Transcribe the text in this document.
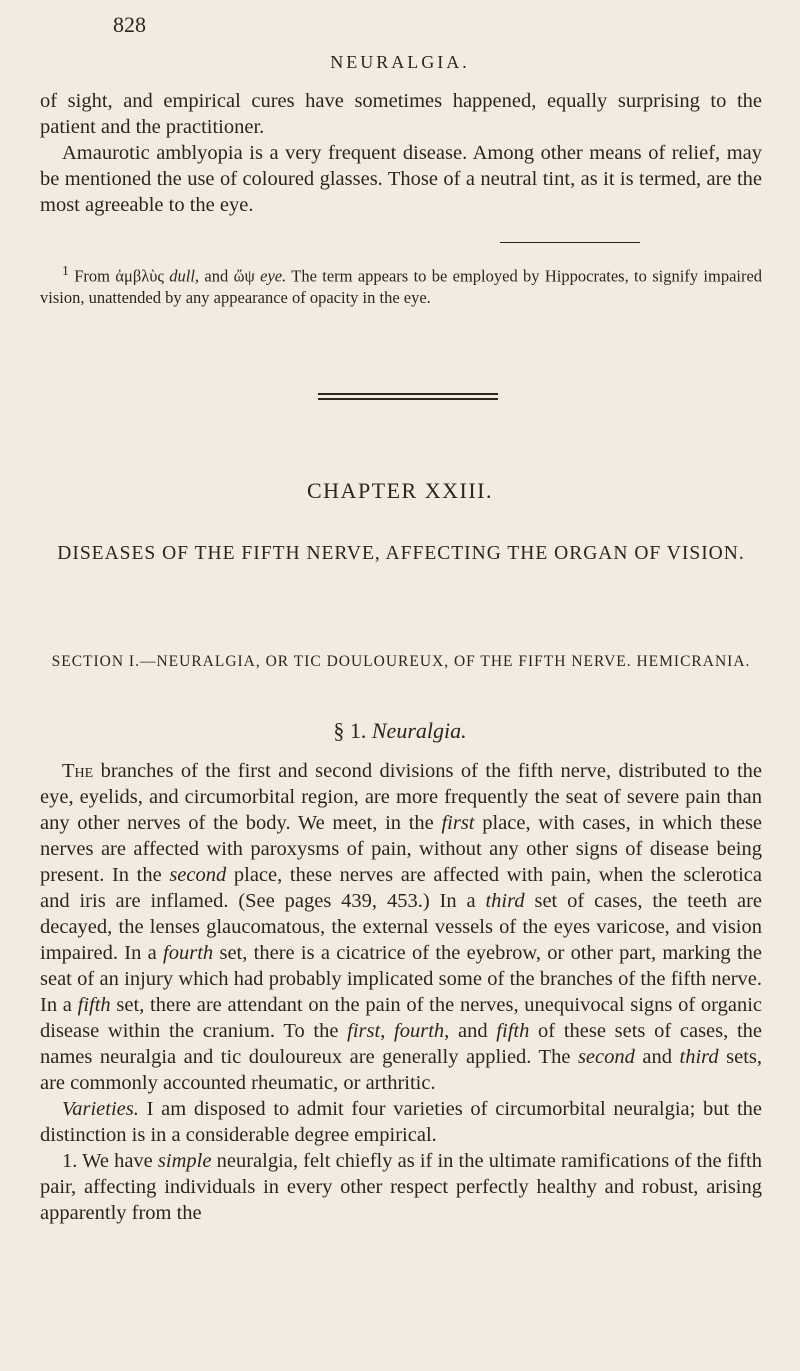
828
NEURALGIA.

of sight, and empirical cures have sometimes happened, equally surprising to the patient and the practitioner.

Amaurotic amblyopia is a very frequent disease. Among other means of relief, may be mentioned the use of coloured glasses. Those of a neutral tint, as it is termed, are the most agreeable to the eye.

$^1$ From ἀμβλὺς dull, and ὤψ eye. The term appears to be employed by Hippocrates, to signify impaired vision, unattended by any appearance of opacity in the eye.

CHAPTER XXIII.
DISEASES OF THE FIFTH NERVE, AFFECTING THE ORGAN OF VISION.
SECTION I.—NEURALGIA, OR TIC DOULOUREUX, OF THE FIFTH NERVE. HEMICRANIA.
§ 1. Neuralgia.

The branches of the first and second divisions of the fifth nerve, distributed to the eye, eyelids, and circumorbital region, are more frequently the seat of severe pain than any other nerves of the body. We meet, in the first place, with cases, in which these nerves are affected with paroxysms of pain, without any other signs of disease being present. In the second place, these nerves are affected with pain, when the sclerotica and iris are inflamed. (See pages 439, 453.) In a third set of cases, the teeth are decayed, the lenses glaucomatous, the external vessels of the eyes varicose, and vision impaired. In a fourth set, there is a cicatrice of the eyebrow, or other part, marking the seat of an injury which had probably implicated some of the branches of the fifth nerve. In a fifth set, there are attendant on the pain of the nerves, unequivocal signs of organic disease within the cranium. To the first, fourth, and fifth of these sets of cases, the names neuralgia and tic douloureux are generally applied. The second and third sets, are commonly accounted rheumatic, or arthritic.

Varieties. I am disposed to admit four varieties of circumorbital neuralgia; but the distinction is in a considerable degree empirical.

1. We have simple neuralgia, felt chiefly as if in the ultimate ramifications of the fifth pair, affecting individuals in every other respect perfectly healthy and robust, arising apparently from the
